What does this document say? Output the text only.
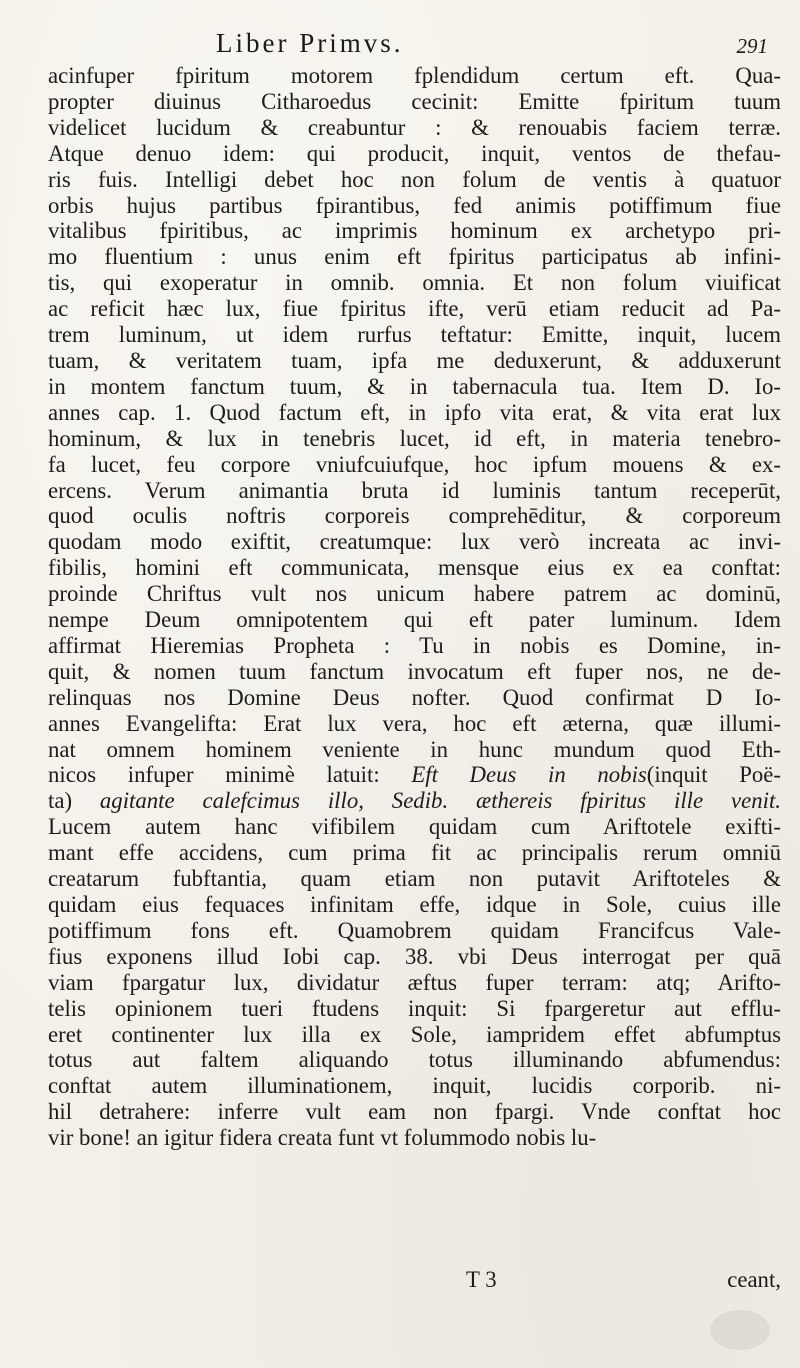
Liber Primvs.	291
acinfuper fpiritum motorem fplendidum certum eft. Qua-
propter diuinus Citharoedus cecinit: Emitte fpiritum tuum
videlicet lucidum & creabuntur : & renouabis faciem terræ.
Atque denuo idem: qui producit, inquit, ventos de thefau-
ris fuis. Intelligi debet hoc non folum de ventis à quatuor
orbis hujus partibus fpirantibus, fed animis potiffimum fiue
vitalibus fpiritibus, ac imprimis hominum ex archetypo pri-
mo fluentium : unus enim eft fpiritus participatus ab infini-
tis, qui exoperatur in omnib. omnia. Et non folum viuificat
ac reficit hæc lux, fiue fpiritus ifte, verū etiam reducit ad Pa-
trem luminum, ut idem rurfus teftatur: Emitte, inquit, lucem
tuam, & veritatem tuam, ipfa me deduxerunt, & adduxerunt
in montem fanctum tuum, & in tabernacula tua. Item D. Io-
annes cap. 1. Quod factum eft, in ipfo vita erat, & vita erat lux
hominum, & lux in tenebris lucet, id eft, in materia tenebro-
fa lucet, feu corpore vniufcuiufque, hoc ipfum mouens & ex-
ercens. Verum animantia bruta id luminis tantum receperūt,
quod oculis noftris corporeis comprehēditur, & corporeum
quodam modo exiftit, creatumque: lux verò increata ac invi-
fibilis, homini eft communicata, mensque eius ex ea conftat:
proinde Chriftus vult nos unicum habere patrem ac dominū,
nempe Deum omnipotentem qui eft pater luminum. Idem
affirmat Hieremias Propheta : Tu in nobis es Domine, in-
quit, & nomen tuum fanctum invocatum eft fuper nos, ne de-
relinquas nos Domine Deus nofter. Quod confirmat D Io-
annes Evangelifta: Erat lux vera, hoc eft æterna, quæ illumi-
nat omnem hominem veniente in hunc mundum quod Eth-
nicos infuper minimè latuit: Eft Deus in nobis(inquit Poë-
ta) agitante calefcimus illo, Sedib. æthereis fpiritus ille venit.
Lucem autem hanc vifibilem quidam cum Ariftotele exifti-
mant effe accidens, cum prima fit ac principalis rerum omniū
creatarum fubftantia, quam etiam non putavit Ariftoteles &
quidam eius fequaces infinitam effe, idque in Sole, cuius ille
potiffimum fons eft. Quamobrem quidam Francifcus Vale-
fius exponens illud Iobi cap. 38. vbi Deus interrogat per quā
viam fpargatur lux, dividatur æftus fuper terram: atq; Arifto-
telis opinionem tueri ftudens inquit: Si fpargeretur aut efflu-
eret continenter lux illa ex Sole, iampridem effet abfumptus
totus aut faltem aliquando totus illuminando abfumendus:
conftat autem illuminationem, inquit, lucidis corporib. ni-
hil detrahere: inferre vult eam non fpargi. Vnde conftat hoc
vir bone! an igitur fidera creata funt vt folummodo nobis lu-
T 3	ceant,
